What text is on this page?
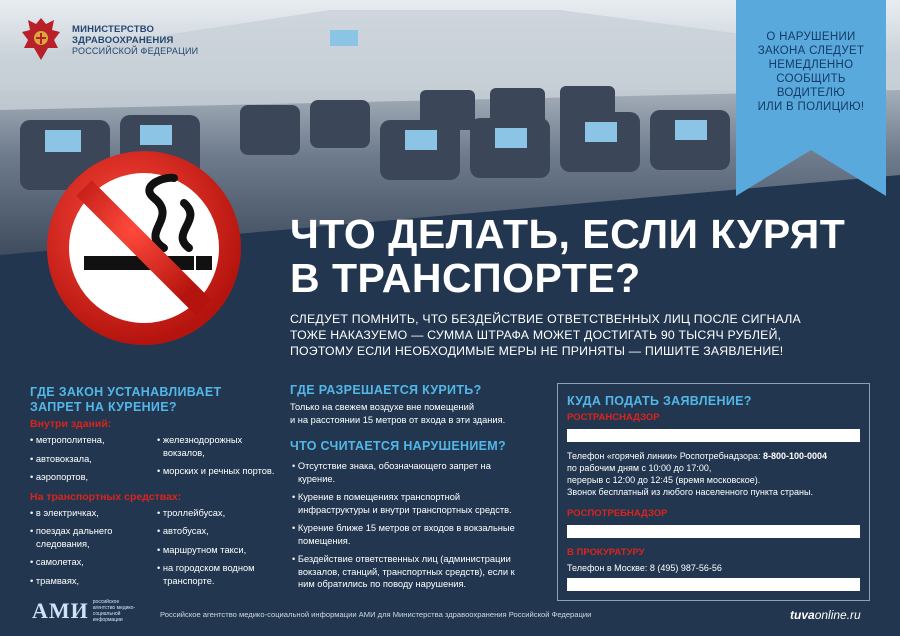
МИНИСТЕРСТВО
ЗДРАВООХРАНЕНИЯ
РОССИЙСКОЙ ФЕДЕРАЦИИ
О НАРУШЕНИИ
ЗАКОНА СЛЕДУЕТ
НЕМЕДЛЕННО
СООБЩИТЬ
ВОДИТЕЛЮ
ИЛИ В ПОЛИЦИЮ!
ЧТО ДЕЛАТЬ, ЕСЛИ КУРЯТ
В ТРАНСПОРТЕ?
СЛЕДУЕТ ПОМНИТЬ, ЧТО БЕЗДЕЙСТВИЕ ОТВЕТСТВЕННЫХ ЛИЦ ПОСЛЕ СИГНАЛА
ТОЖЕ НАКАЗУЕМО — СУММА ШТРАФА МОЖЕТ ДОСТИГАТЬ 90 ТЫСЯЧ РУБЛЕЙ,
ПОЭТОМУ ЕСЛИ НЕОБХОДИМЫЕ МЕРЫ НЕ ПРИНЯТЫ — ПИШИТЕ ЗАЯВЛЕНИЕ!
ГДЕ ЗАКОН УСТАНАВЛИВАЕТ
ЗАПРЕТ НА КУРЕНИЕ?
Внутри зданий:
• метрополитена,
• автовокзала,
• аэропортов,
• железнодорожных вокзалов,
• морских и речных портов.
На транспортных средствах:
• в электричках,
• поездах дальнего следования,
• самолетах,
• трамваях,
• троллейбусах,
• автобусах,
• маршрутном такси,
• на городском водном транспорте.
ГДЕ РАЗРЕШАЕТСЯ КУРИТЬ?
Только на свежем воздухе вне помещений
и на расстоянии 15 метров от входа в эти здания.
ЧТО СЧИТАЕТСЯ НАРУШЕНИЕМ?
• Отсутствие знака, обозначающего запрет на курение.
• Курение в помещениях транспортной инфраструктуры и внутри транспортных средств.
• Курение ближе 15 метров от входов в вокзальные помещения.
• Бездействие ответственных лиц (администрации вокзалов, станций, транспортных средств), если к ним обратились по поводу нарушения.
КУДА ПОДАТЬ ЗАЯВЛЕНИЕ?
РОСТРАНСНАДЗОР

Телефон «горячей линии» Роспотребнадзора: 8-800-100-0004

по рабочим дням с 10:00 до 17:00,

перерыв с 12:00 до 12:45 (время московское).

Звонок бесплатный из любого населенного пункта страны.

РОСПОТРЕБНАДЗОР
В ПРОКУРАТУРУ

Телефон в Москве: 8 (495) 987-56-56

АМИ российское агентство медико-социальной информации
Российское агентство медико-социальной информации АМИ для Министерства здравоохранения Российской Федерации	tuvaonline.ru
